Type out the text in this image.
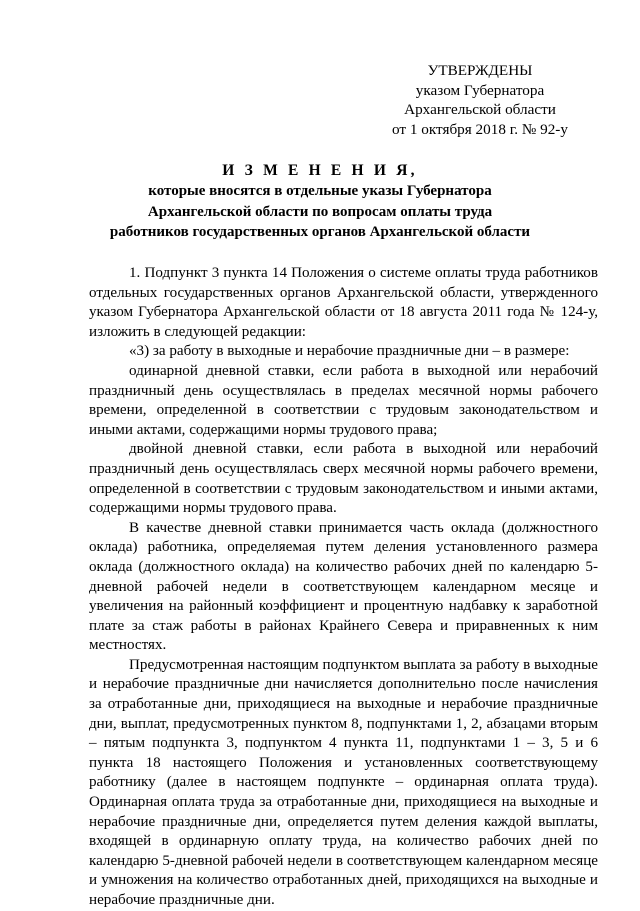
УТВЕРЖДЕНЫ
указом Губернатора
Архангельской области
от 1 октября 2018 г. № 92-у
И З М Е Н Е Н И Я,
которые вносятся в отдельные указы Губернатора
Архангельской области по вопросам оплаты труда
работников государственных органов Архангельской области

1. Подпункт 3 пункта 14 Положения о системе оплаты труда работников отдельных государственных органов Архангельской области, утвержденного указом Губернатора Архангельской области от 18 августа 2011 года № 124-у, изложить в следующей редакции:

«3) за работу в выходные и нерабочие праздничные дни – в размере:

одинарной дневной ставки, если работа в выходной или нерабочий праздничный день осуществлялась в пределах месячной нормы рабочего времени, определенной в соответствии с трудовым законодательством и иными актами, содержащими нормы трудового права;

двойной дневной ставки, если работа в выходной или нерабочий праздничный день осуществлялась сверх месячной нормы рабочего времени, определенной в соответствии с трудовым законодательством и иными актами, содержащими нормы трудового права.

В качестве дневной ставки принимается часть оклада (должностного оклада) работника, определяемая путем деления установленного размера оклада (должностного оклада) на количество рабочих дней по календарю 5-дневной рабочей недели в соответствующем календарном месяце и увеличения на районный коэффициент и процентную надбавку к заработной плате за стаж работы в районах Крайнего Севера и приравненных к ним местностях.

Предусмотренная настоящим подпунктом выплата за работу в выходные и нерабочие праздничные дни начисляется дополнительно после начисления за отработанные дни, приходящиеся на выходные и нерабочие праздничные дни, выплат, предусмотренных пунктом 8, подпунктами 1, 2, абзацами вторым – пятым подпункта 3, подпунктом 4 пункта 11, подпунктами 1 – 3, 5 и 6 пункта 18 настоящего Положения и установленных соответствующему работнику (далее в настоящем подпункте – ординарная оплата труда). Ординарная оплата труда за отработанные дни, приходящиеся на выходные и нерабочие праздничные дни, определяется путем деления каждой выплаты, входящей в ординарную оплату труда, на количество рабочих дней по календарю 5-дневной рабочей недели в соответствующем календарном месяце и умножения на количество отработанных дней, приходящихся на выходные и нерабочие праздничные дни.
